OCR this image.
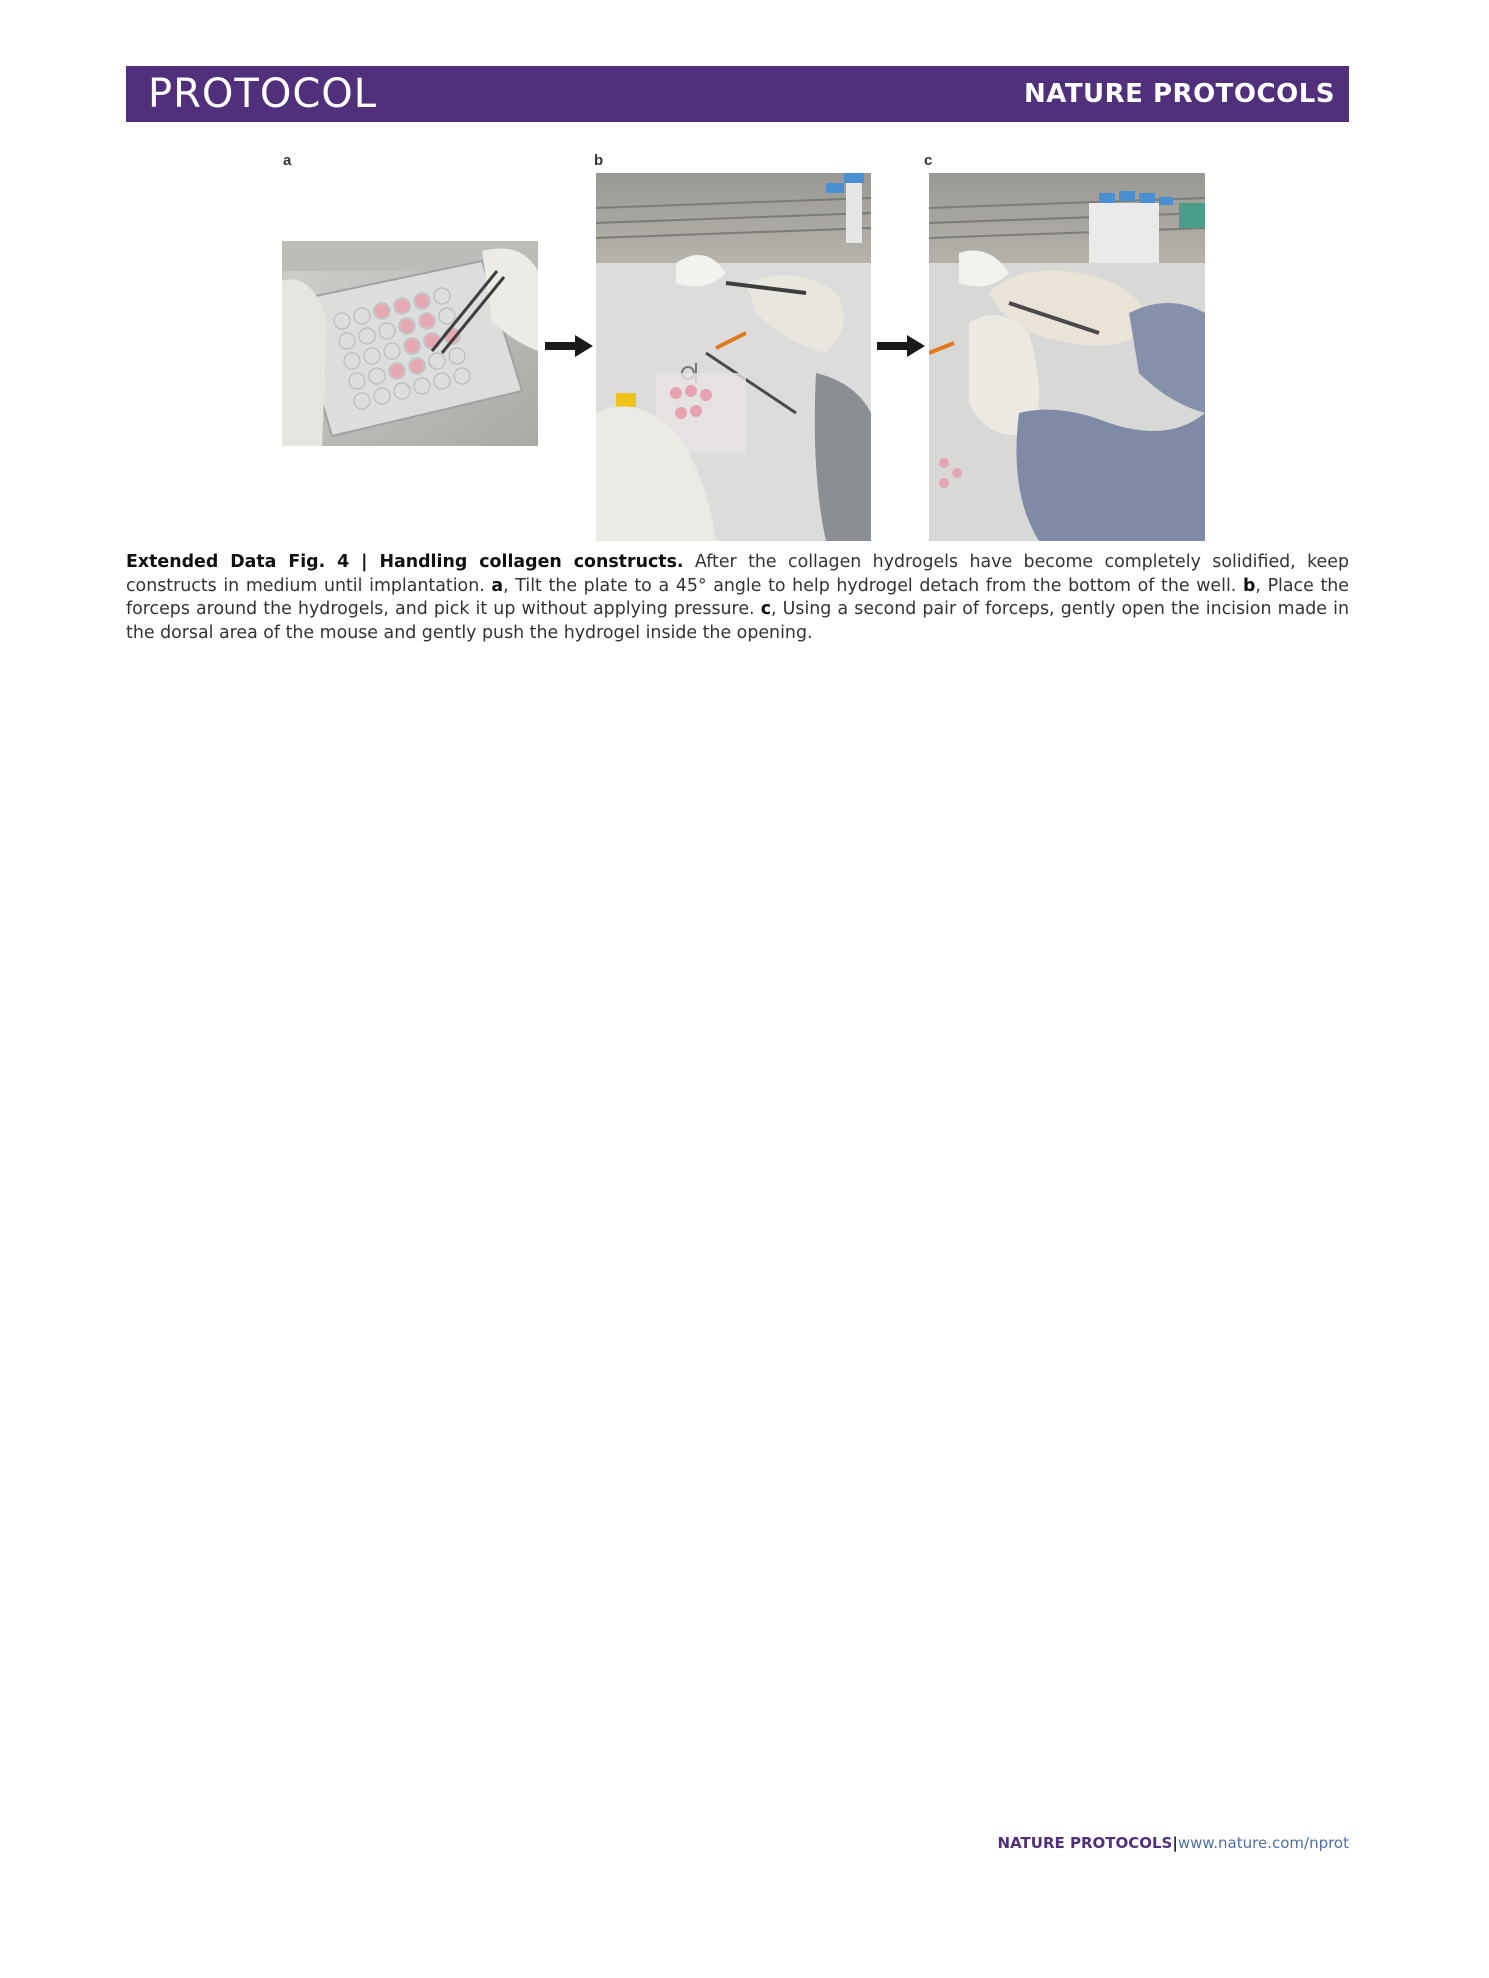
PROTOCOL	NATURE PROTOCOLS
a	b	c
Extended Data Fig. 4 | Handling collagen constructs. After the collagen hydrogels have become completely solidified, keep constructs in medium until implantation. a, Tilt the plate to a 45° angle to help hydrogel detach from the bottom of the well. b, Place the forceps around the hydrogels, and pick it up without applying pressure. c, Using a second pair of forceps, gently open the incision made in the dorsal area of the mouse and gently push the hydrogel inside the opening.
NATURE PROTOCOLS|www.nature.com/nprot
